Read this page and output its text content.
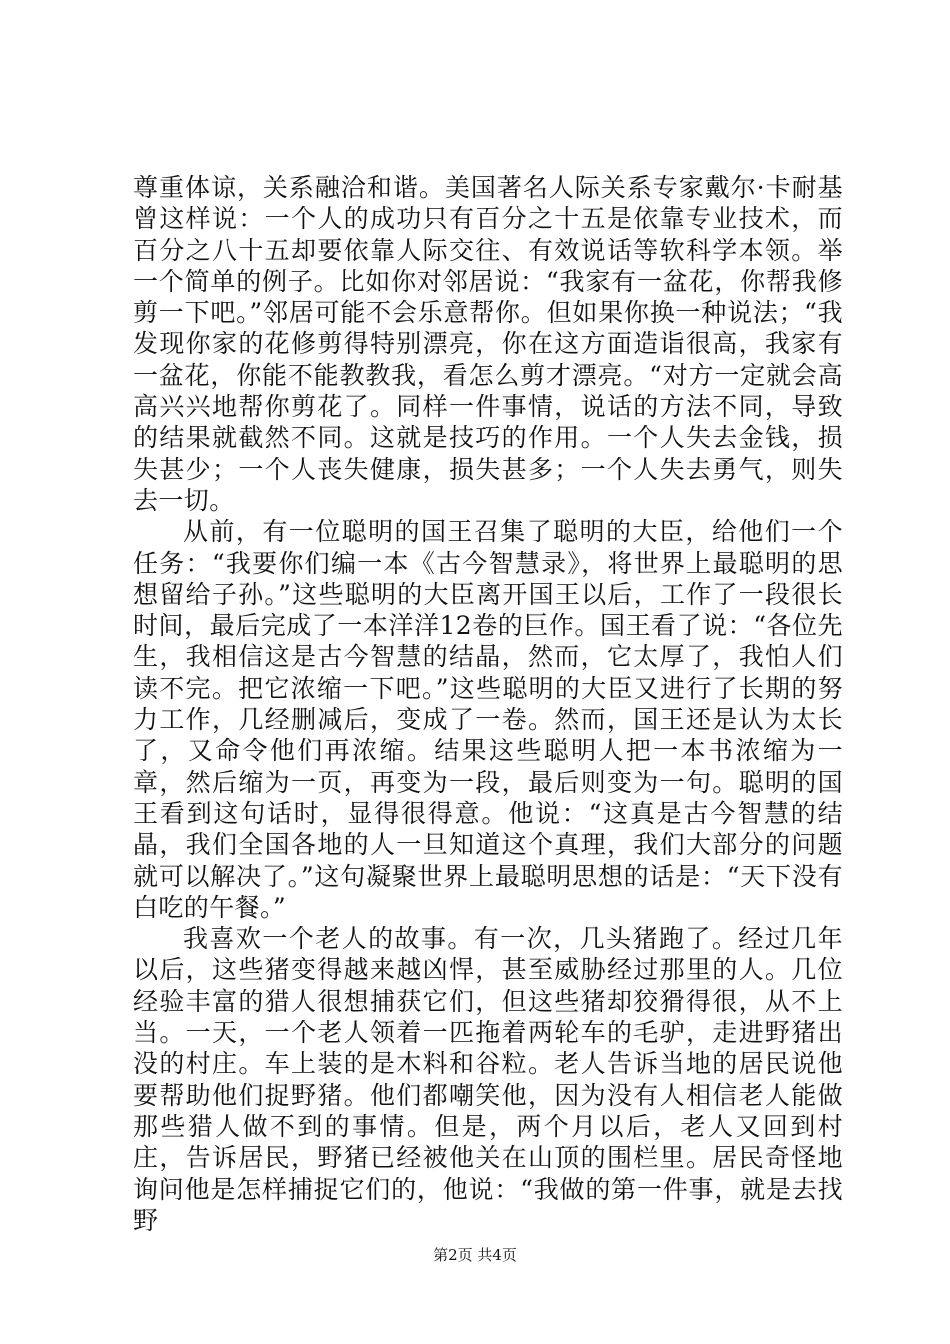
尊重体谅，关系融洽和谐。美国著名人际关系专家戴尔·卡耐基曾这样说：一个人的成功只有百分之十五是依靠专业技术，而百分之八十五却要依靠人际交往、有效说话等软科学本领。举一个简单的例子。比如你对邻居说：“我家有一盆花，你帮我修剪一下吧。”邻居可能不会乐意帮你。但如果你换一种说法；“我发现你家的花修剪得特别漂亮，你在这方面造诣很高，我家有一盆花，你能不能教教我，看怎么剪才漂亮。“对方一定就会高高兴兴地帮你剪花了。同样一件事情，说话的方法不同，导致的结果就截然不同。这就是技巧的作用。一个人失去金钱，损失甚少；一个人丧失健康，损失甚多；一个人失去勇气，则失去一切。

从前，有一位聪明的国王召集了聪明的大臣，给他们一个任务：“我要你们编一本《古今智慧录》，将世界上最聪明的思想留给子孙。”这些聪明的大臣离开国王以后，工作了一段很长时间，最后完成了一本洋洋12卷的巨作。国王看了说：“各位先生，我相信这是古今智慧的结晶，然而，它太厚了，我怕人们读不完。把它浓缩一下吧。”这些聪明的大臣又进行了长期的努力工作，几经删减后，变成了一卷。然而，国王还是认为太长了，又命令他们再浓缩。结果这些聪明人把一本书浓缩为一章，然后缩为一页，再变为一段，最后则变为一句。聪明的国王看到这句话时，显得很得意。他说：“这真是古今智慧的结晶，我们全国各地的人一旦知道这个真理，我们大部分的问题就可以解决了。”这句凝聚世界上最聪明思想的话是：“天下没有白吃的午餐。”

我喜欢一个老人的故事。有一次，几头猪跑了。经过几年以后，这些猪变得越来越凶悍，甚至威胁经过那里的人。几位经验丰富的猎人很想捕获它们，但这些猪却狡猾得很，从不上当。一天，一个老人领着一匹拖着两轮车的毛驴，走进野猪出没的村庄。车上装的是木料和谷粒。老人告诉当地的居民说他要帮助他们捉野猪。他们都嘲笑他，因为没有人相信老人能做那些猎人做不到的事情。但是，两个月以后，老人又回到村庄，告诉居民，野猪已经被他关在山顶的围栏里。居民奇怪地询问他是怎样捕捉它们的，他说：“我做的第一件事，就是去找野

第2页 共4页
